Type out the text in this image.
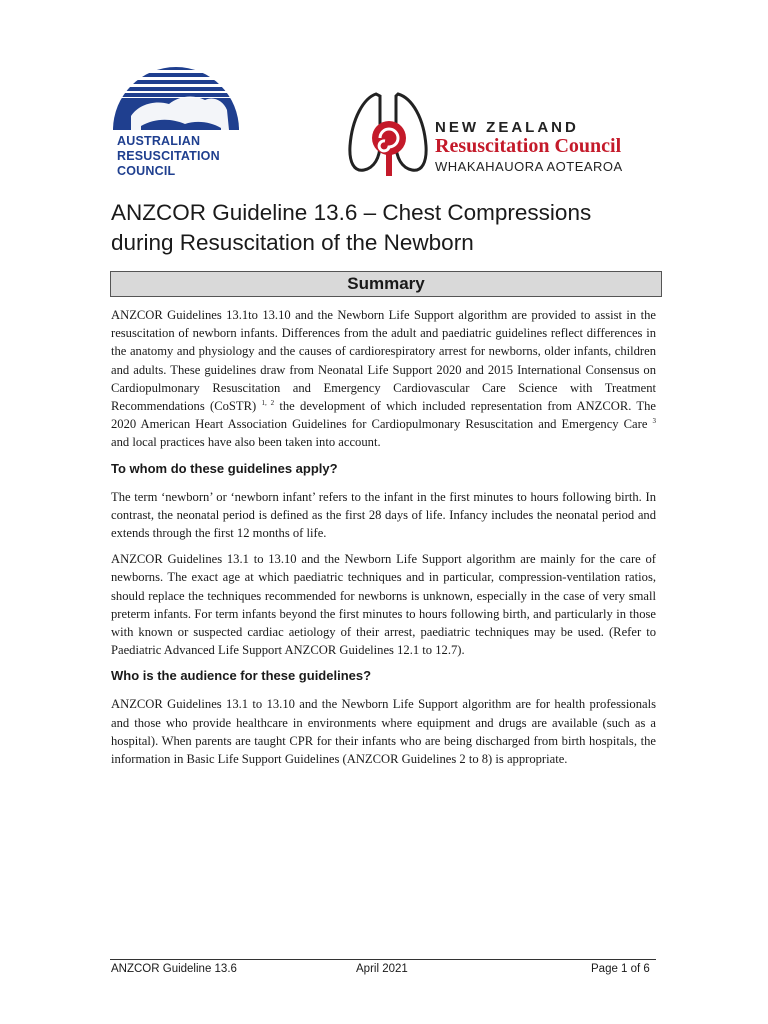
AUSTRALIAN
RESUSCITATION
COUNCIL
NEW ZEALAND
Resuscitation Council
WHAKAHAUORA AOTEAROA
ANZCOR Guideline 13.6 – Chest Compressions
during Resuscitation of the Newborn
Summary

ANZCOR Guidelines 13.1to 13.10 and the Newborn Life Support algorithm are provided to assist in the resuscitation of newborn infants. Differences from the adult and paediatric guidelines reflect differences in the anatomy and physiology and the causes of cardiorespiratory arrest for newborns, older infants, children and adults. These guidelines draw from Neonatal Life Support 2020 and 2015 International Consensus on Cardiopulmonary Resuscitation and Emergency Cardiovascular Care Science with Treatment Recommendations (CoSTR) $^{1, 2}$ the development of which included representation from ANZCOR. The 2020 American Heart Association Guidelines for Cardiopulmonary Resuscitation and Emergency Care $^3$ and local practices have also been taken into account.

To whom do these guidelines apply?

The term ‘newborn’ or ‘newborn infant’ refers to the infant in the first minutes to hours following birth. In contrast, the neonatal period is defined as the first 28 days of life. Infancy includes the neonatal period and extends through the first 12 months of life.

ANZCOR Guidelines 13.1 to 13.10 and the Newborn Life Support algorithm are mainly for the care of newborns. The exact age at which paediatric techniques and in particular, compression-ventilation ratios, should replace the techniques recommended for newborns is unknown, especially in the case of very small preterm infants. For term infants beyond the first minutes to hours following birth, and particularly in those with known or suspected cardiac aetiology of their arrest, paediatric techniques may be used. (Refer to Paediatric Advanced Life Support ANZCOR Guidelines 12.1 to 12.7).

Who is the audience for these guidelines?

ANZCOR Guidelines 13.1 to 13.10 and the Newborn Life Support algorithm are for health professionals and those who provide healthcare in environments where equipment and drugs are available (such as a hospital). When parents are taught CPR for their infants who are being discharged from birth hospitals, the information in Basic Life Support Guidelines (ANZCOR Guidelines 2 to 8) is appropriate.

ANZCOR Guideline 13.6	April 2021	Page 1 of 6
